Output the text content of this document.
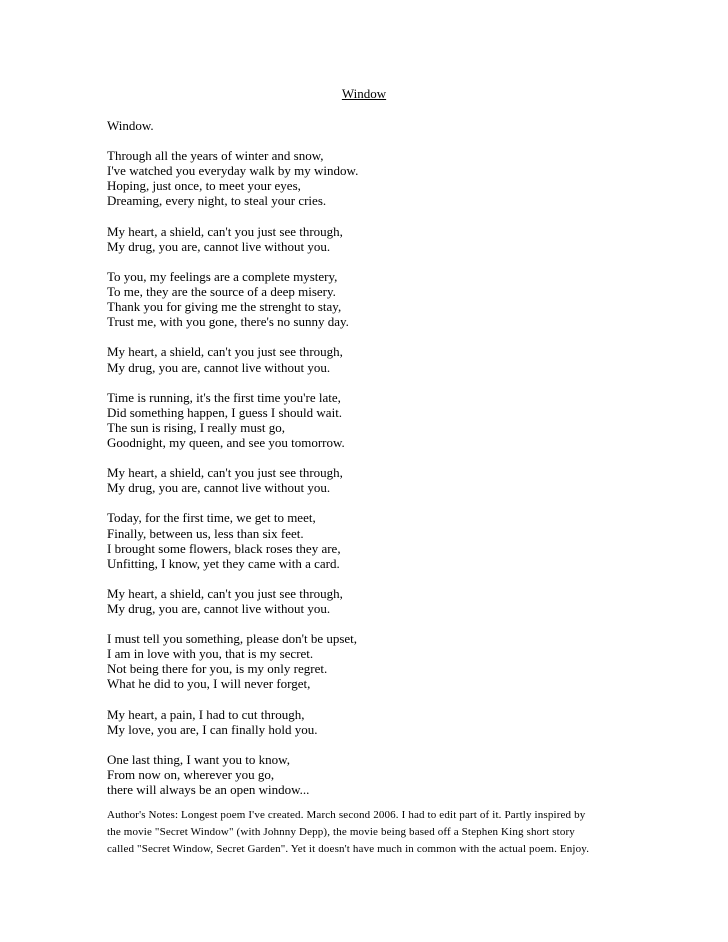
Window
Window.
Through all the years of winter and snow,
I've watched you everyday walk by my window.
Hoping, just once, to meet your eyes,
Dreaming, every night, to steal your cries.
My heart, a shield, can't you just see through,
My drug, you are, cannot live without you.
To you, my feelings are a complete mystery,
To me, they are the source of a deep misery.
Thank you for giving me the strenght to stay,
Trust me, with you gone, there's no sunny day.
My heart, a shield, can't you just see through,
My drug, you are, cannot live without you.
Time is running, it's the first time you're late,
Did something happen, I guess I should wait.
The sun is rising, I really must go,
Goodnight, my queen, and see you tomorrow.
My heart, a shield, can't you just see through,
My drug, you are, cannot live without you.
Today, for the first time, we get to meet,
Finally, between us, less than six feet.
I brought some flowers, black roses they are,
Unfitting, I know, yet they came with a card.
My heart, a shield, can't you just see through,
My drug, you are, cannot live without you.
I must tell you something, please don't be upset,
I am in love with you, that is my secret.
Not being there for you, is my only regret.
What he did to you, I will never forget,
My heart, a pain, I had to cut through,
My love, you are, I can finally hold you.
One last thing, I want you to know,
From now on, wherever you go,
there will always be an open window...
Author's Notes: Longest poem I've created. March second 2006. I had to edit part of it. Partly inspired by
the movie "Secret Window" (with Johnny Depp), the movie being based off a Stephen King short story
called "Secret Window, Secret Garden". Yet it doesn't have much in common with the actual poem. Enjoy.
